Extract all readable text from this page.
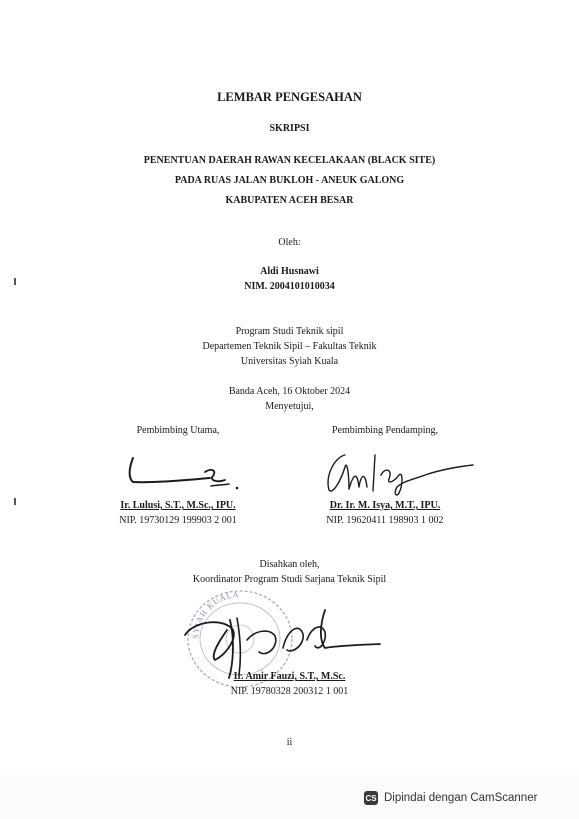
LEMBAR PENGESAHAN
SKRIPSI
PENENTUAN DAERAH RAWAN KECELAKAAN (BLACK SITE)
PADA RUAS JALAN BUKLOH - ANEUK GALONG
KABUPATEN ACEH BESAR
Oleh:
Aldi Husnawi
NIM. 2004101010034
Program Studi Teknik sipil
Departemen Teknik Sipil – Fakultas Teknik
Universitas Syiah Kuala
Banda Aceh, 16 Oktober 2024
Menyetujui,
Pembimbing Utama,	Pembimbing Pendamping,
Ir. Lulusi, S.T., M.Sc., IPU.
NIP. 19730129 199903 2 001
Dr. Ir. M. Isya, M.T., IPU.
NIP. 19620411 198903 1 002
Disahkan oleh,
Koordinator Program Studi Sarjana Teknik Sipil
SYIAH KUALA
Ir. Amir Fauzi, S.T., M.Sc.
NIP. 19780328 200312 1 001
ii
CS Dipindai dengan CamScanner
